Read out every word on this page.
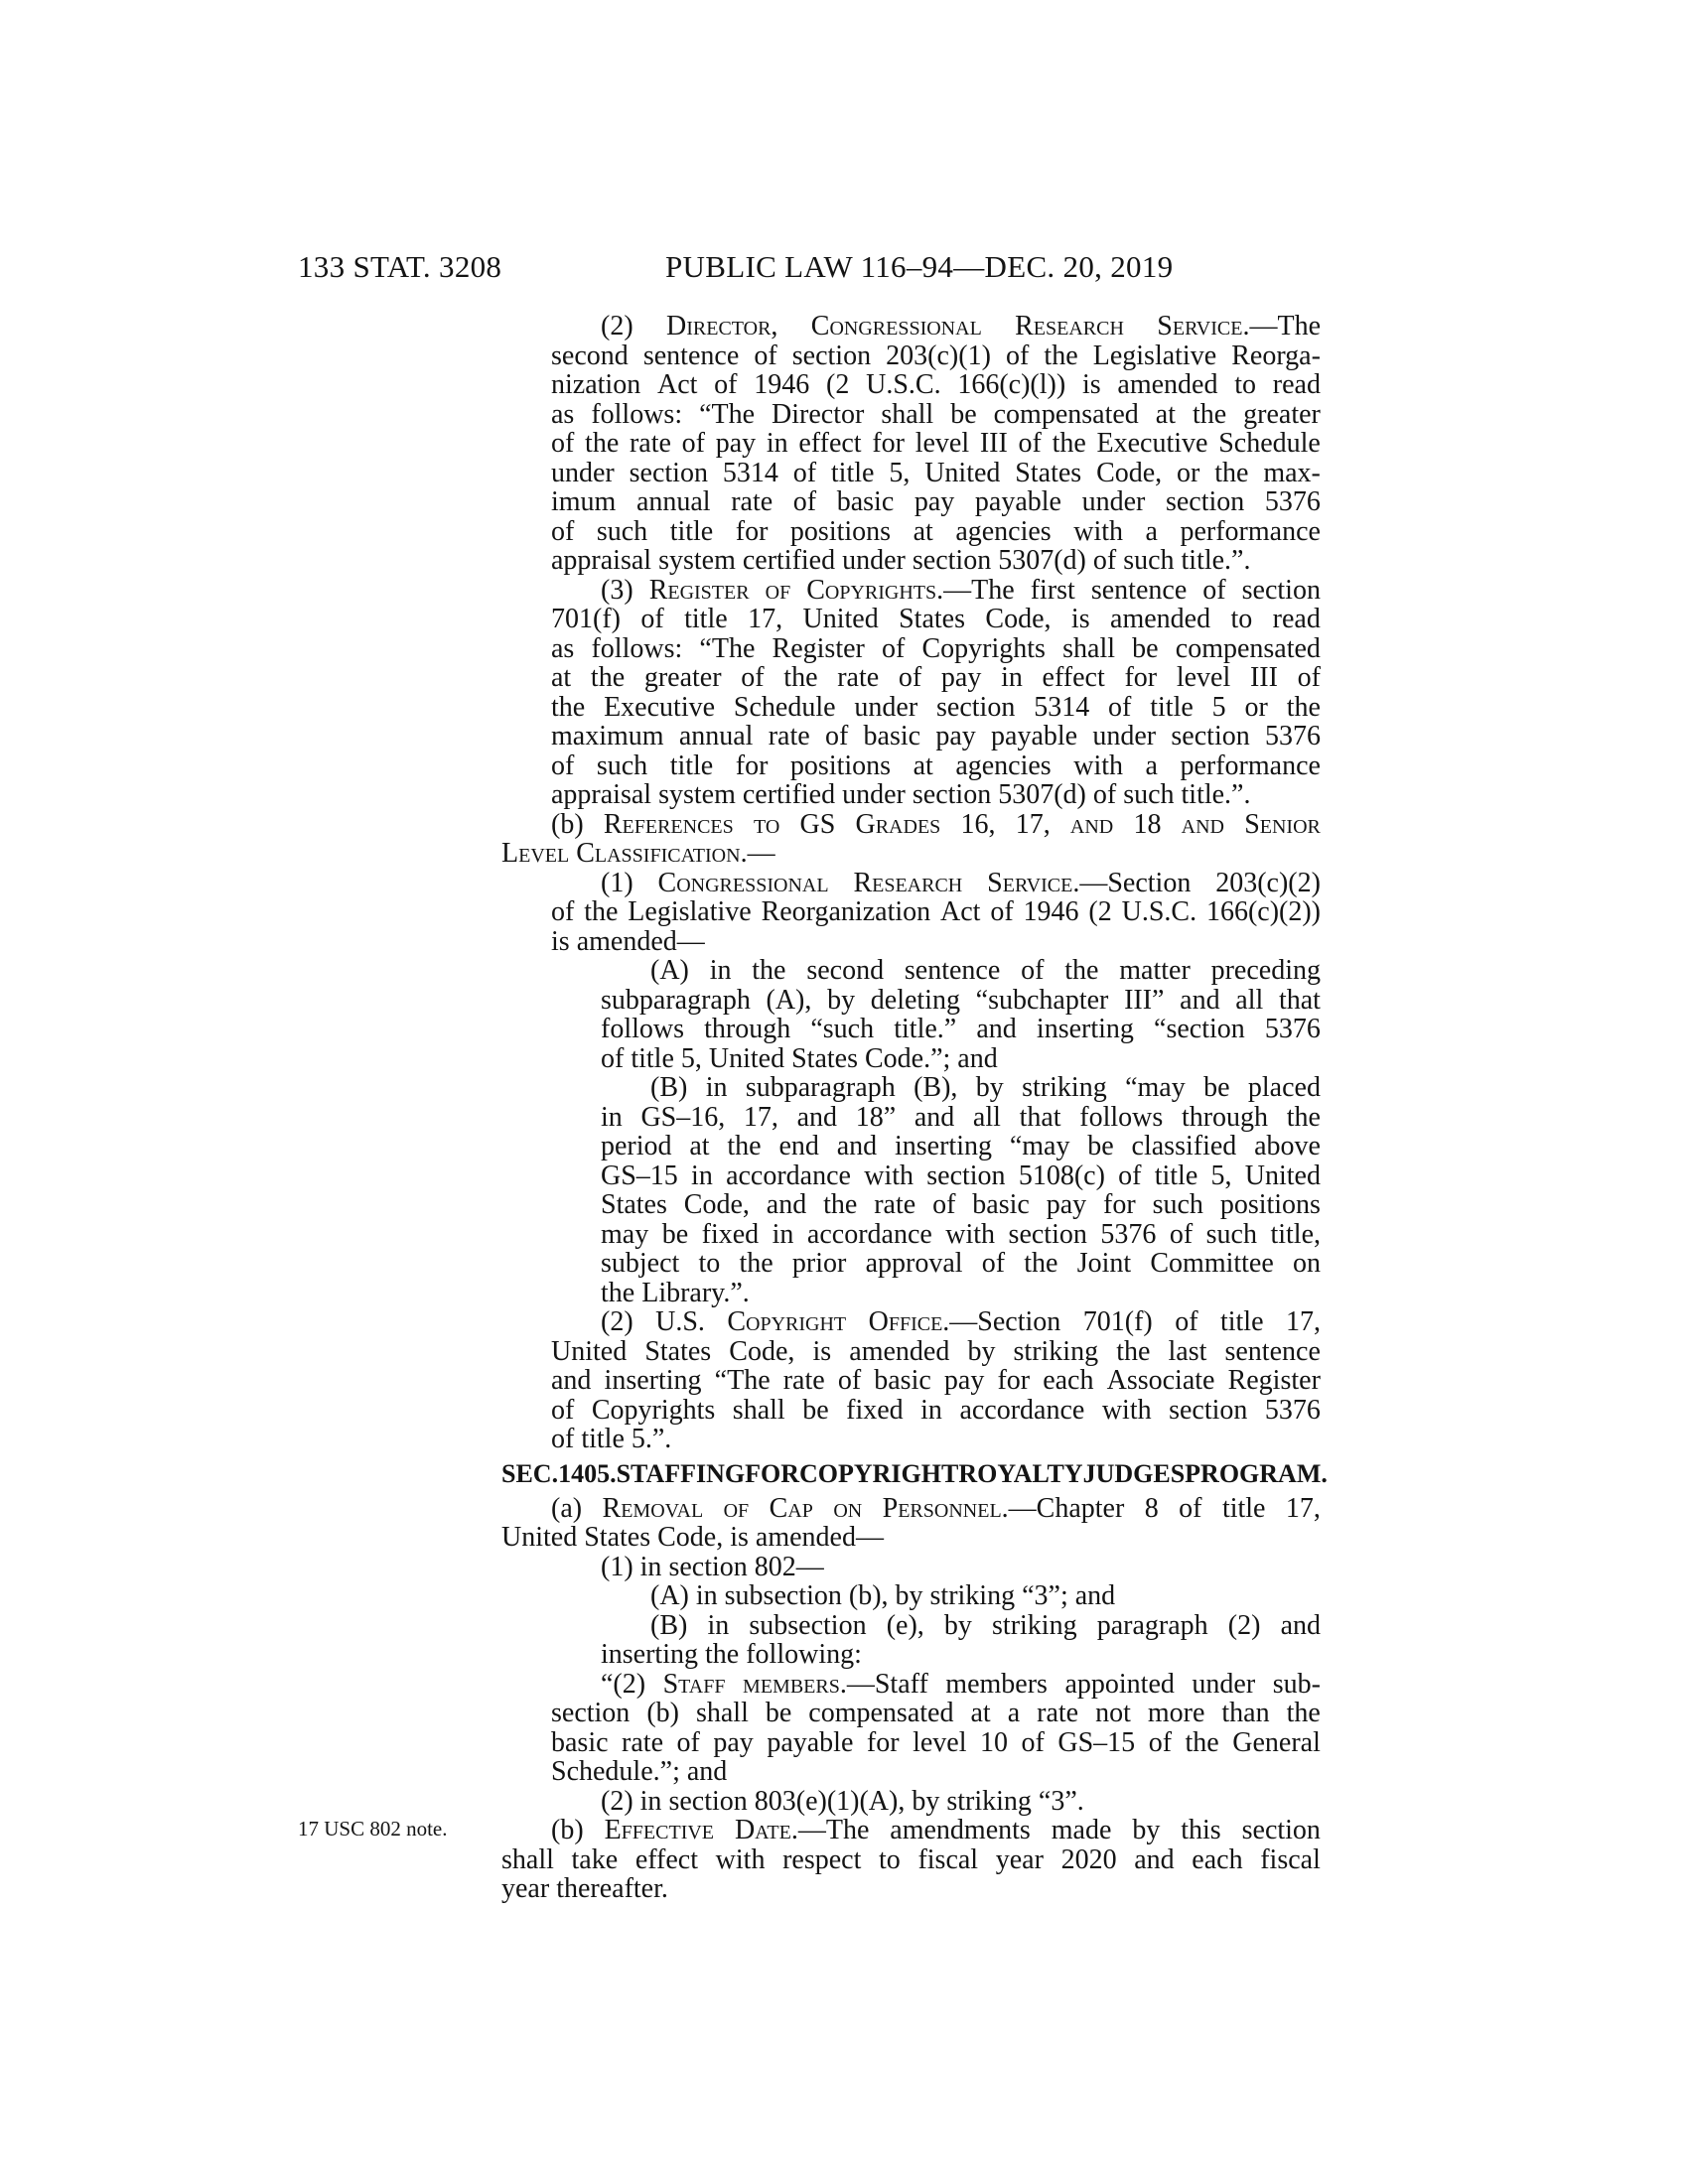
133 STAT. 3208	PUBLIC LAW 116–94—DEC. 20, 2019
17 USC 802 note.
(2) Director, Congressional Research Service.—The
second sentence of section 203(c)(1) of the Legislative Reorga-
nization Act of 1946 (2 U.S.C. 166(c)(l)) is amended to read
as follows: “The Director shall be compensated at the greater
of the rate of pay in effect for level III of the Executive Schedule
under section 5314 of title 5, United States Code, or the max-
imum annual rate of basic pay payable under section 5376
of such title for positions at agencies with a performance
appraisal system certified under section 5307(d) of such title.”.
(3) Register of Copyrights.—The first sentence of section
701(f) of title 17, United States Code, is amended to read
as follows: “The Register of Copyrights shall be compensated
at the greater of the rate of pay in effect for level III of
the Executive Schedule under section 5314 of title 5 or the
maximum annual rate of basic pay payable under section 5376
of such title for positions at agencies with a performance
appraisal system certified under section 5307(d) of such title.”.
(b) References to GS Grades 16, 17, and 18 and Senior
Level Classification.—
(1) Congressional Research Service.—Section 203(c)(2)
of the Legislative Reorganization Act of 1946 (2 U.S.C. 166(c)(2))
is amended—
(A) in the second sentence of the matter preceding
subparagraph (A), by deleting “subchapter III” and all that
follows through “such title.” and inserting “section 5376
of title 5, United States Code.”; and
(B) in subparagraph (B), by striking “may be placed
in GS–16, 17, and 18” and all that follows through the
period at the end and inserting “may be classified above
GS–15 in accordance with section 5108(c) of title 5, United
States Code, and the rate of basic pay for such positions
may be fixed in accordance with section 5376 of such title,
subject to the prior approval of the Joint Committee on
the Library.”.
(2) U.S. Copyright Office.—Section 701(f) of title 17,
United States Code, is amended by striking the last sentence
and inserting “The rate of basic pay for each Associate Register
of Copyrights shall be fixed in accordance with section 5376
of title 5.”.
SEC. 1405. STAFFING FOR COPYRIGHT ROYALTY JUDGES PROGRAM.
(a) Removal of Cap on Personnel.—Chapter 8 of title 17,
United States Code, is amended—
(1) in section 802—
(A) in subsection (b), by striking “3”; and
(B) in subsection (e), by striking paragraph (2) and
inserting the following:
“(2) Staff members.—Staff members appointed under sub-
section (b) shall be compensated at a rate not more than the
basic rate of pay payable for level 10 of GS–15 of the General
Schedule.”; and
(2) in section 803(e)(1)(A), by striking “3”.
(b) Effective Date.—The amendments made by this section
shall take effect with respect to fiscal year 2020 and each fiscal
year thereafter.
